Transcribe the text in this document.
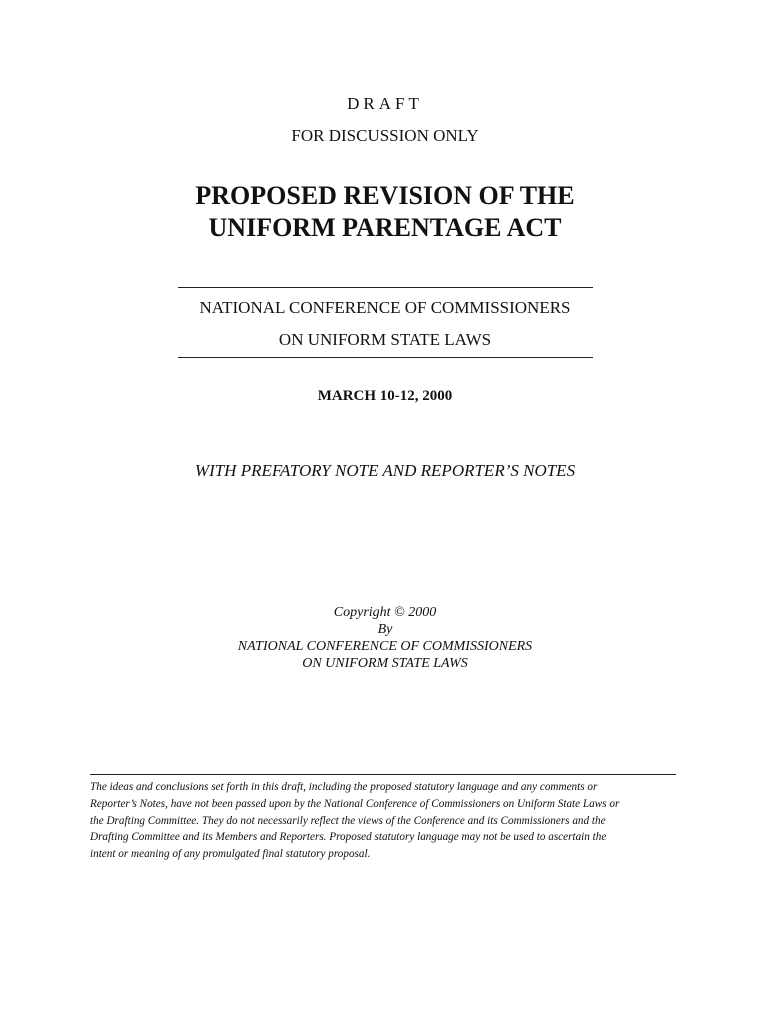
DRAFT
FOR DISCUSSION ONLY
PROPOSED REVISION OF THE
UNIFORM PARENTAGE ACT
NATIONAL CONFERENCE OF COMMISSIONERS
ON UNIFORM STATE LAWS
MARCH 10-12, 2000
WITH PREFATORY NOTE AND REPORTER’S NOTES
Copyright © 2000
By
NATIONAL CONFERENCE OF COMMISSIONERS
ON UNIFORM STATE LAWS
The ideas and conclusions set forth in this draft, including the proposed statutory language and any comments or
Reporter’s Notes, have not been passed upon by the National Conference of Commissioners on Uniform State Laws or
the Drafting Committee. They do not necessarily reflect the views of the Conference and its Commissioners and the
Drafting Committee and its Members and Reporters. Proposed statutory language may not be used to ascertain the
intent or meaning of any promulgated final statutory proposal.
